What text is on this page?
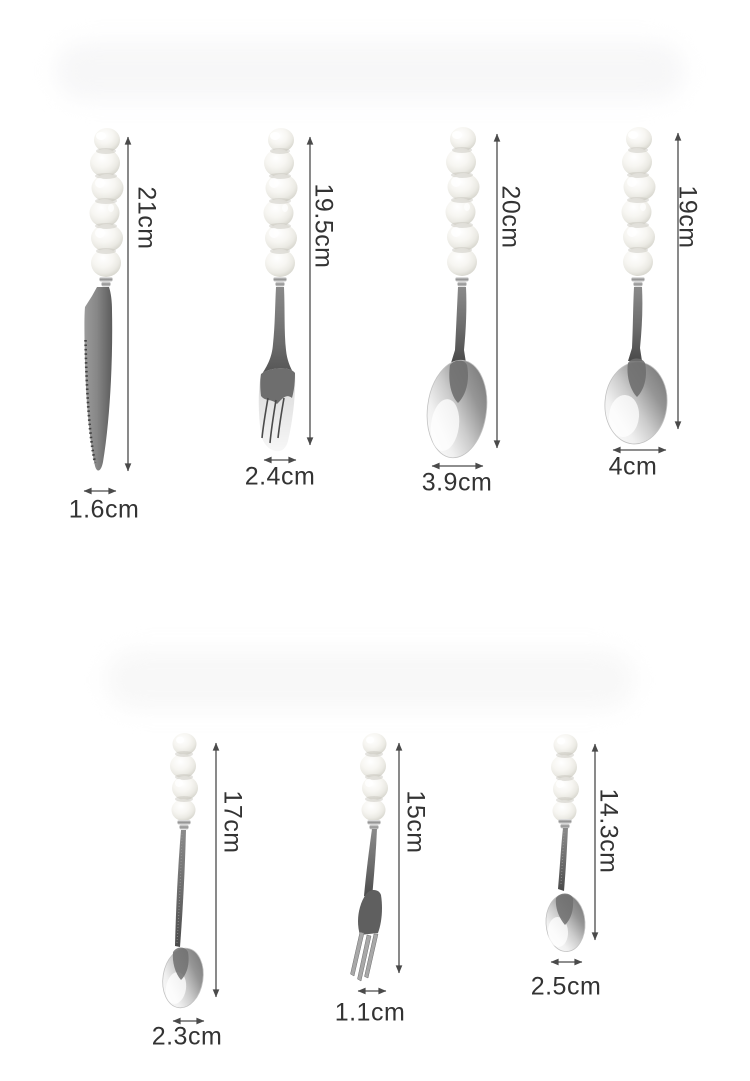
21cm
1.6cm
19.5cm
2.4cm
20cm
3.9cm
19cm
4cm
17cm
2.3cm
15cm
1.1cm
14.3cm
2.5cm
